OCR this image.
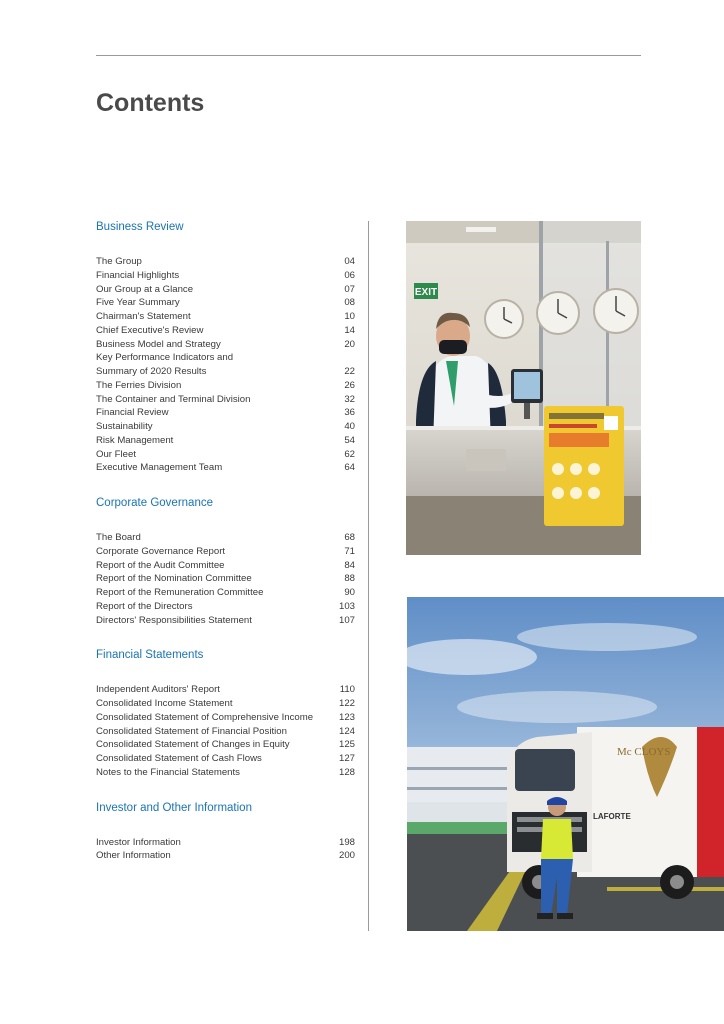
Contents
Business Review
The Group	04
Financial Highlights	06
Our Group at a Glance	07
Five Year Summary	08
Chairman's Statement	10
Chief Executive's Review	14
Business Model and Strategy	20
Key Performance Indicators and
Summary of 2020 Results	22
The Ferries Division	26
The Container and Terminal Division	32
Financial Review	36
Sustainability	40
Risk Management	54
Our Fleet	62
Executive Management Team	64
Corporate Governance
The Board	68
Corporate Governance Report	71
Report of the Audit Committee	84
Report of the Nomination Committee	88
Report of the Remuneration Committee	90
Report of the Directors	103
Directors' Responsibilities Statement	107
Financial Statements
Independent Auditors' Report	110
Consolidated Income Statement	122
Consolidated Statement of Comprehensive Income	123
Consolidated Statement of Financial Position	124
Consolidated Statement of Changes in Equity	125
Consolidated Statement of Cash Flows	127
Notes to the Financial Statements	128
Investor and Other Information
Investor Information	198
Other Information	200
EXIT
Mc CLOYS
LAFORTE
